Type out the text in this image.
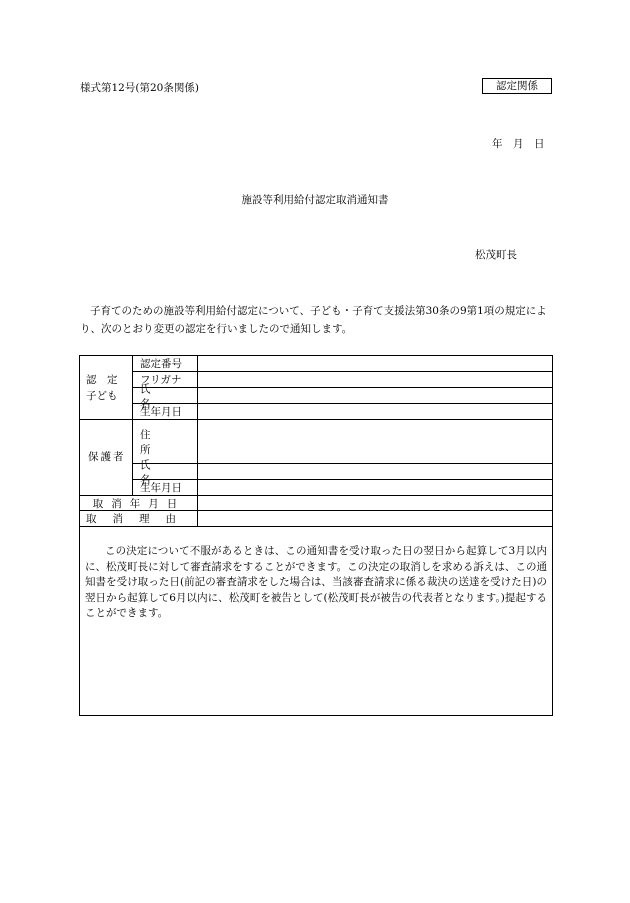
様式第12号(第20条関係)	認定関係
年　月　日
施設等利用給付認定取消通知書
松茂町長
子育てのための施設等利用給付認定について、子ども・子育て支援法第30条の9第1項の規定により、次のとおり変更の認定を行いましたので通知します。
認　定
子ども
認定番号
フリガナ
氏名
生年月日
保護者
住所
氏名
生年月日
取消年月日
取消理由
この決定について不服があるときは、この通知書を受け取った日の翌日から起算して3月以内に、松茂町長に対して審査請求をすることができます。この決定の取消しを求める訴えは、この通知書を受け取った日(前記の審査請求をした場合は、当該審査請求に係る裁決の送達を受けた日)の翌日から起算して6月以内に、松茂町を被告として(松茂町長が被告の代表者となります。)提起することができます。
